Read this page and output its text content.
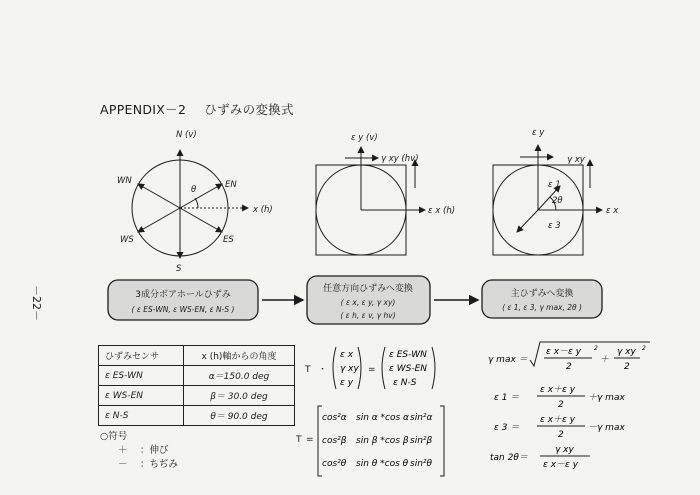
APPENDIX－2 ひずみの変換式
－22－
N (v)
x (h)
EN
WN
WS	ES
S
θ
ε y (v)
γ xy (hv)
ε x (h)
ε y
γ xy
ε x
ε 1
ε 3
2θ
3成分ボアホールひずみ
( ε ES-WN, ε WS-EN, ε N-S )
任意方向ひずみへ変換
( ε x, ε y, γ xy)
( ε h, ε v, γ hv)
主ひずみへ変換
( ε 1, ε 3, γ max, 2θ )
T ・
ε x
γ xy
ε y
=
ε ES-WN
ε WS-EN
ε N-S
T =
cos²α sin α *cos α sin²α
cos²β sin β *cos β sin²β
cos²θ sin θ *cos θ sin²θ
γ max ＝
ε x－ε y
2
2
＋
γ xy
2
2
ε 1 ＝
ε x＋ε y
2
＋γ max
ε 3 ＝
ε x＋ε y
2
－γ max
tan 2θ＝
γ xy
ε x－ε y
ひずみセンサ	x (h)軸からの角度
ε ES-WN	α＝150.0 deg
ε WS-EN	β＝ 30.0 deg
ε N-S	θ＝ 90.0 deg
○符号
＋ ：伸び
－ ：ちぢみ
